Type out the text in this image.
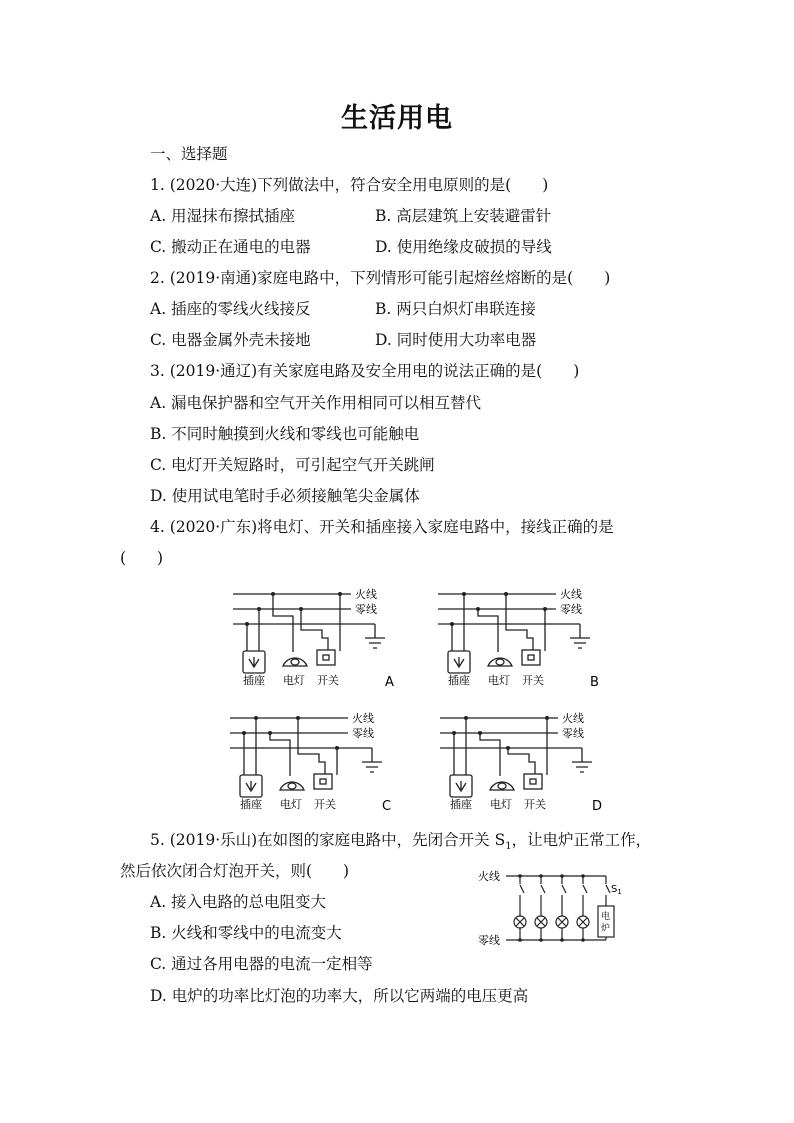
生活用电
一、选择题
1. (2020·大连)下列做法中，符合安全用电原则的是(　　)
A. 用湿抹布擦拭插座	B. 高层建筑上安装避雷针
C. 搬动正在通电的电器	D. 使用绝缘皮破损的导线
2. (2019·南通)家庭电路中，下列情形可能引起熔丝熔断的是(　　)
A. 插座的零线火线接反	B. 两只白炽灯串联连接
C. 电器金属外壳未接地	D. 同时使用大功率电器
3. (2019·通辽)有关家庭电路及安全用电的说法正确的是(　　)
A. 漏电保护器和空气开关作用相同可以相互替代
B. 不同时触摸到火线和零线也可能触电
C. 电灯开关短路时，可引起空气开关跳闸
D. 使用试电笔时手必须接触笔尖金属体
4. (2020·广东)将电灯、开关和插座接入家庭电路中，接线正确的是
(　　)
火线
零线
插座 电灯 开关	A
火线
零线
插座 电灯 开关	B
火线
零线
插座 电灯 开关	C
火线
零线
插座 电灯 开关	D
5. (2019·乐山)在如图的家庭电路中，先闭合开关 $S_1$，让电炉正常工作，
然后依次闭合灯泡开关，则(　　)
A. 接入电路的总电阻变大
B. 火线和零线中的电流变大
C. 通过各用电器的电流一定相等
D. 电炉的功率比灯泡的功率大，所以它两端的电压更高
火线
零线
$S_1$
电
炉
